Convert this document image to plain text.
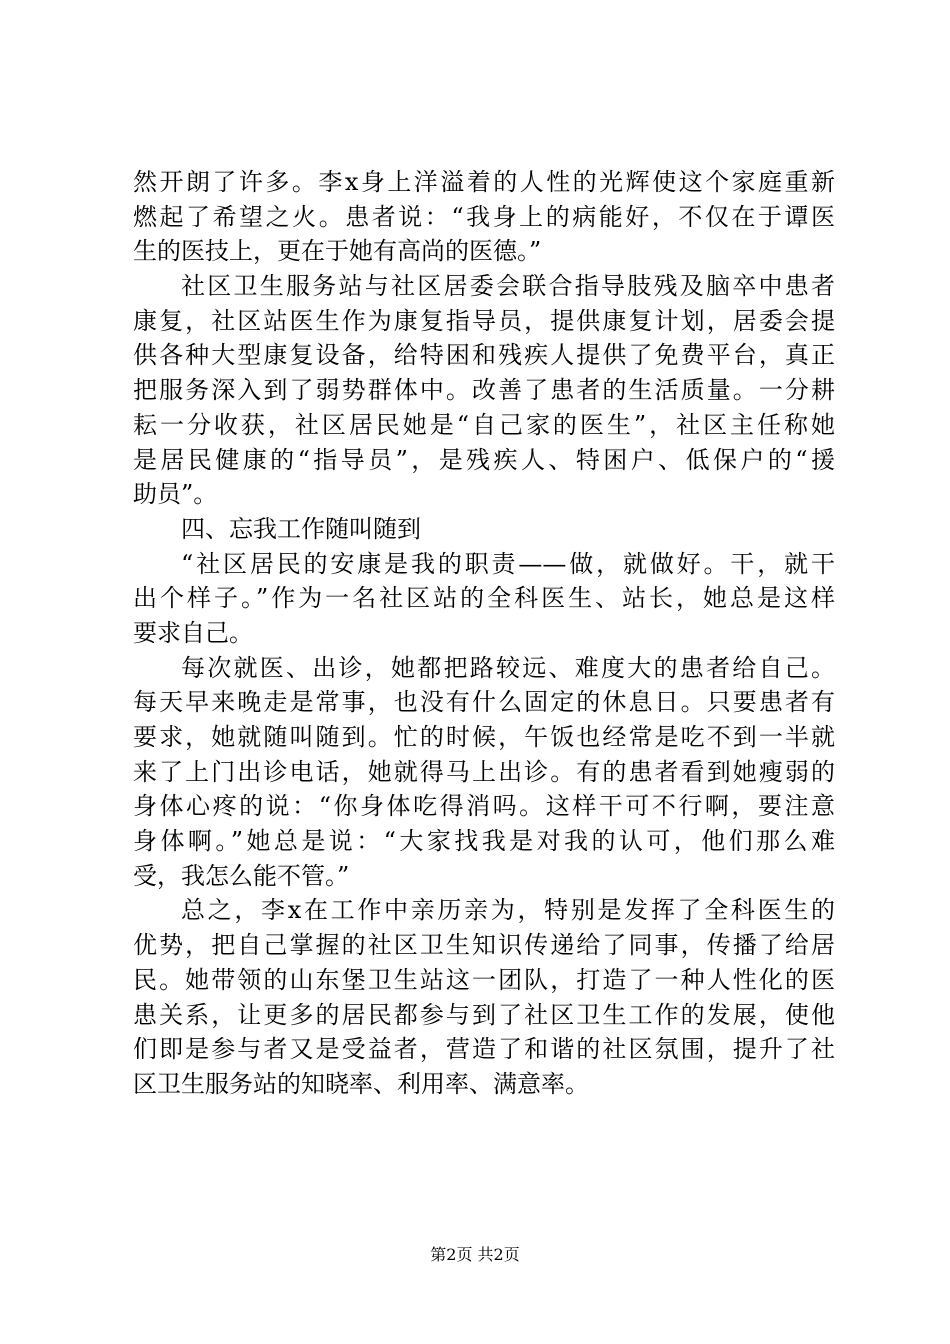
然开朗了许多。李x身上洋溢着的人性的光辉使这个家庭重新
燃起了希望之火。患者说：“我身上的病能好，不仅在于谭医
生的医技上，更在于她有高尚的医德。”
社区卫生服务站与社区居委会联合指导肢残及脑卒中患者
康复，社区站医生作为康复指导员，提供康复计划，居委会提
供各种大型康复设备，给特困和残疾人提供了免费平台，真正
把服务深入到了弱势群体中。改善了患者的生活质量。一分耕
耘一分收获，社区居民她是“自己家的医生”，社区主任称她
是居民健康的“指导员”，是残疾人、特困户、低保户的“援
助员”。
四、忘我工作随叫随到
“社区居民的安康是我的职责——做，就做好。干，就干
出个样子。”作为一名社区站的全科医生、站长，她总是这样
要求自己。
每次就医、出诊，她都把路较远、难度大的患者给自己。
每天早来晚走是常事，也没有什么固定的休息日。只要患者有
要求，她就随叫随到。忙的时候，午饭也经常是吃不到一半就
来了上门出诊电话，她就得马上出诊。有的患者看到她瘦弱的
身体心疼的说：“你身体吃得消吗。这样干可不行啊，要注意
身体啊。”她总是说：“大家找我是对我的认可，他们那么难
受，我怎么能不管。”
总之，李x在工作中亲历亲为，特别是发挥了全科医生的
优势，把自己掌握的社区卫生知识传递给了同事，传播了给居
民。她带领的山东堡卫生站这一团队，打造了一种人性化的医
患关系，让更多的居民都参与到了社区卫生工作的发展，使他
们即是参与者又是受益者，营造了和谐的社区氛围，提升了社
区卫生服务站的知晓率、利用率、满意率。
第2页 共2页
